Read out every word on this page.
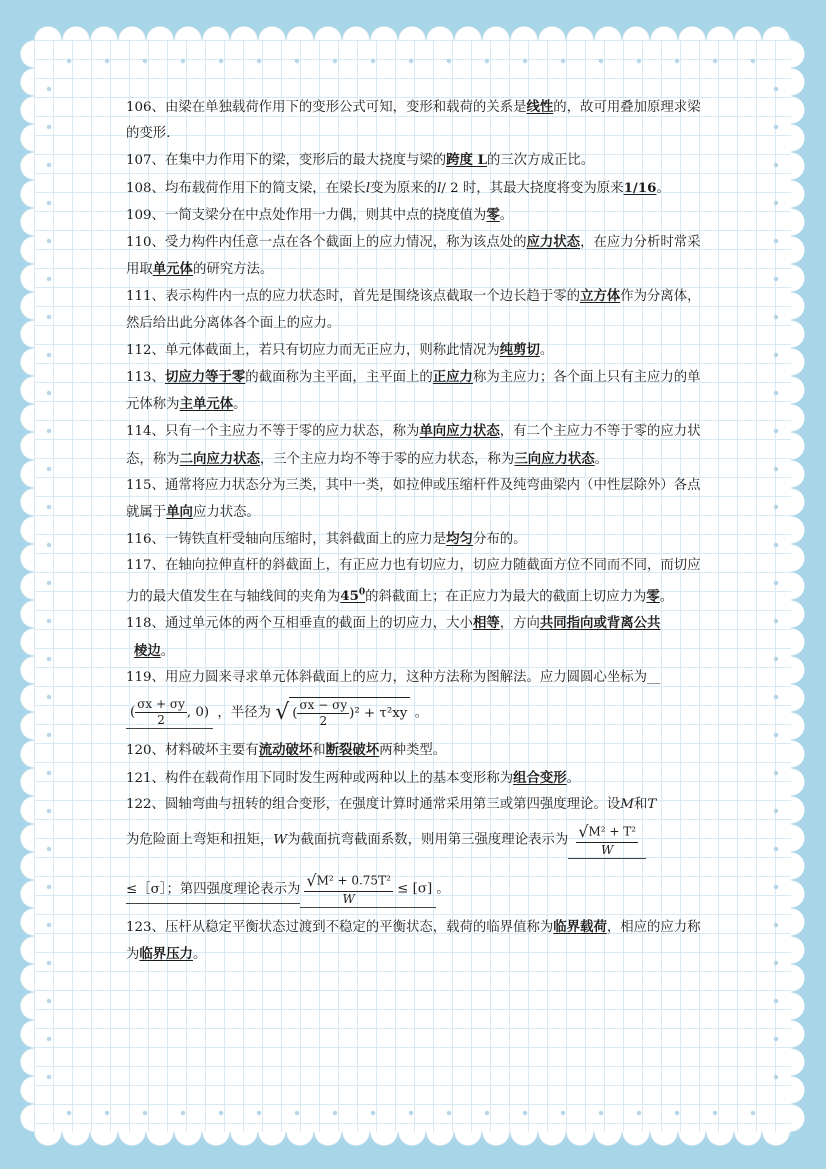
106、由梁在单独载荷作用下的变形公式可知，变形和载荷的关系是线性的，故可用叠加原理求梁的变形.

107、在集中力作用下的梁，变形后的最大挠度与梁的跨度 L的三次方成正比。

108、均布载荷作用下的简支梁，在梁长l变为原来的l/ 2 时，其最大挠度将变为原来1/16。

109、一简支梁分在中点处作用一力偶，则其中点的挠度值为零。

110、受力构件内任意一点在各个截面上的应力情况，称为该点处的应力状态，在应力分析时常采用取单元体的研究方法。

111、表示构件内一点的应力状态时，首先是围绕该点截取一个边长趋于零的立方体作为分离体，然后给出此分离体各个面上的应力。

112、单元体截面上，若只有切应力而无正应力，则称此情况为纯剪切。

113、切应力等于零的截面称为主平面，主平面上的正应力称为主应力；各个面上只有主应力的单元体称为主单元体。

114、只有一个主应力不等于零的应力状态，称为单向应力状态，有二个主应力不等于零的应力状态，称为二向应力状态，三个主应力均不等于零的应力状态，称为三向应力状态。

115、通常将应力状态分为三类，其中一类，如拉伸或压缩杆件及纯弯曲梁内（中性层除外）各点就属于单向应力状态。

116、一铸铁直杆受轴向压缩时，其斜截面上的应力是均匀分布的。

117、在轴向拉伸直杆的斜截面上，有正应力也有切应力，切应力随截面方位不同而不同，而切应力的最大值发生在与轴线间的夹角为$45^0$的斜截面上；在正应力为最大的截面上切应力为零。

118、通过单元体的两个互相垂直的截面上的切应力，大小相等，方向共同指向或背离公共
棱边。

119、用应力圆来寻求单元体斜截面上的应力，这种方法称为图解法。应力圆圆心坐标为__
( $\frac{\sigma x + \sigma y}{2}$ , 0) ，半径为 √ ( $\frac{\sigma x - \sigma y}{2} )^2 + \tau^2xy$ 。

120、材料破坏主要有流动破坏和断裂破坏两种类型。

121、构件在载荷作用下同时发生两种或两种以上的基本变形称为组合变形。

122、圆轴弯曲与扭转的组合变形，在强度计算时通常采用第三或第四强度理论。设M和T
为危险面上弯矩和扭矩，W为截面抗弯截面系数，则用第三强度理论表示为 $\frac{\text{√M² + T²}}{W}$
≤［σ］；第四强度理论表示为 $\frac{\text{√M² + 0.75T²}}{W} \le [\sigma]$ 。

123、压杆从稳定平衡状态过渡到不稳定的平衡状态，载荷的临界值称为临界载荷，相应的应力称为临界压力。
